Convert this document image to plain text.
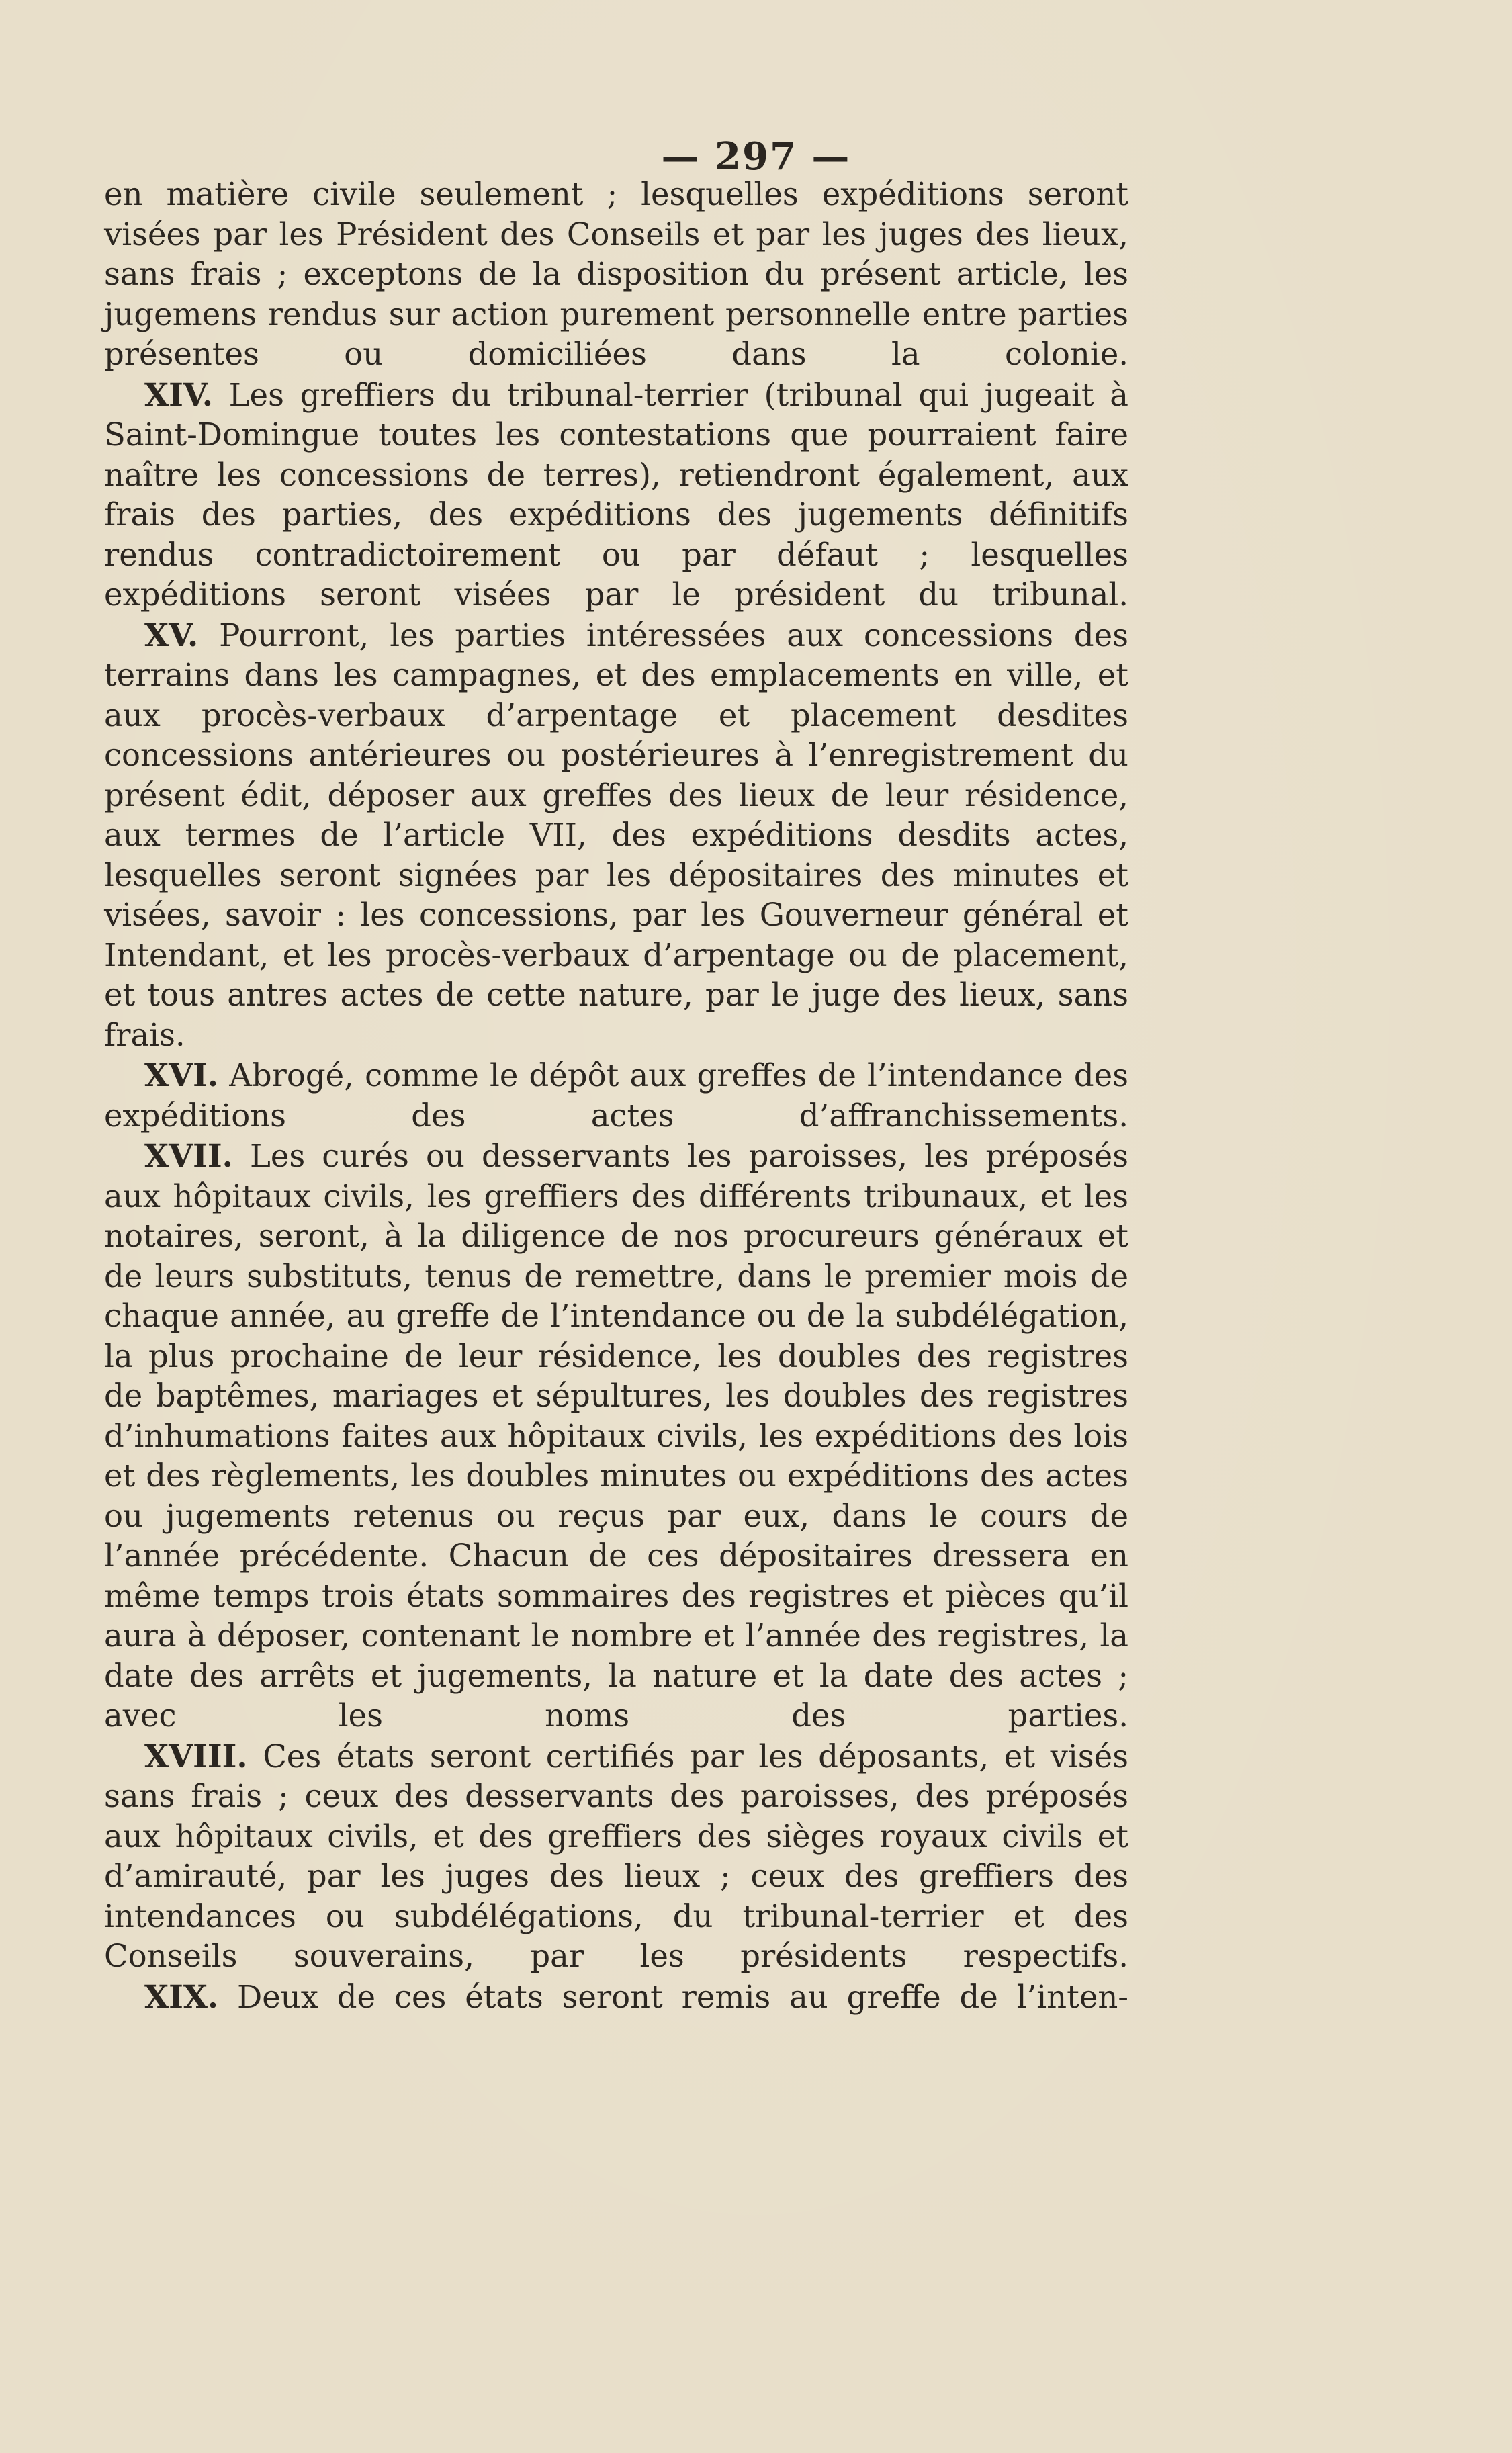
— 297 —

en matière civile seulement ; lesquelles expéditions seront visées par les Président des Conseils et par les juges des lieux, sans frais ; exceptons de la disposition du présent article, les jugemens rendus sur action purement personnelle entre parties présentes ou domiciliées dans la colonie.

XIV. Les greffiers du tribunal-terrier (tribunal qui jugeait à Saint-Domingue toutes les contestations que pourraient faire naître les concessions de terres), retiendront également, aux frais des parties, des expéditions des jugements définitifs rendus contradictoirement ou par défaut ; lesquelles expéditions seront visées par le président du tribunal.

XV. Pourront, les parties intéressées aux concessions des terrains dans les campagnes, et des emplacements en ville, et aux procès-verbaux d’arpentage et placement desdites concessions antérieures ou postérieures à l’enregistrement du présent édit, déposer aux greffes des lieux de leur résidence, aux termes de l’article VII, des expéditions desdits actes, lesquelles seront signées par les dépositaires des minutes et visées, savoir : les concessions, par les Gouverneur général et Intendant, et les procès-verbaux d’arpentage ou de placement, et tous antres actes de cette nature, par le juge des lieux, sans frais.

XVI. Abrogé, comme le dépôt aux greffes de l’intendance des expéditions des actes d’affranchissements.

XVII. Les curés ou desservants les paroisses, les préposés aux hôpitaux civils, les greffiers des différents tribunaux, et les notaires, seront, à la diligence de nos procureurs généraux et de leurs substituts, tenus de remettre, dans le premier mois de chaque année, au greffe de l’intendance ou de la subdélégation, la plus prochaine de leur résidence, les doubles des registres de baptêmes, mariages et sépultures, les doubles des registres d’inhumations faites aux hôpitaux civils, les expéditions des lois et des règlements, les doubles minutes ou expéditions des actes ou jugements retenus ou reçus par eux, dans le cours de l’année précédente. Chacun de ces dépositaires dressera en même temps trois états sommaires des registres et pièces qu’il aura à déposer, contenant le nombre et l’année des registres, la date des arrêts et jugements, la nature et la date des actes ; avec les noms des parties.

XVIII. Ces états seront certifiés par les déposants, et visés sans frais ; ceux des desservants des paroisses, des préposés aux hôpitaux civils, et des greffiers des sièges royaux civils et d’amirauté, par les juges des lieux ; ceux des greffiers des intendances ou subdélégations, du tribunal-terrier et des Conseils souverains, par les présidents respectifs.

XIX. Deux de ces états seront remis au greffe de l’inten-
